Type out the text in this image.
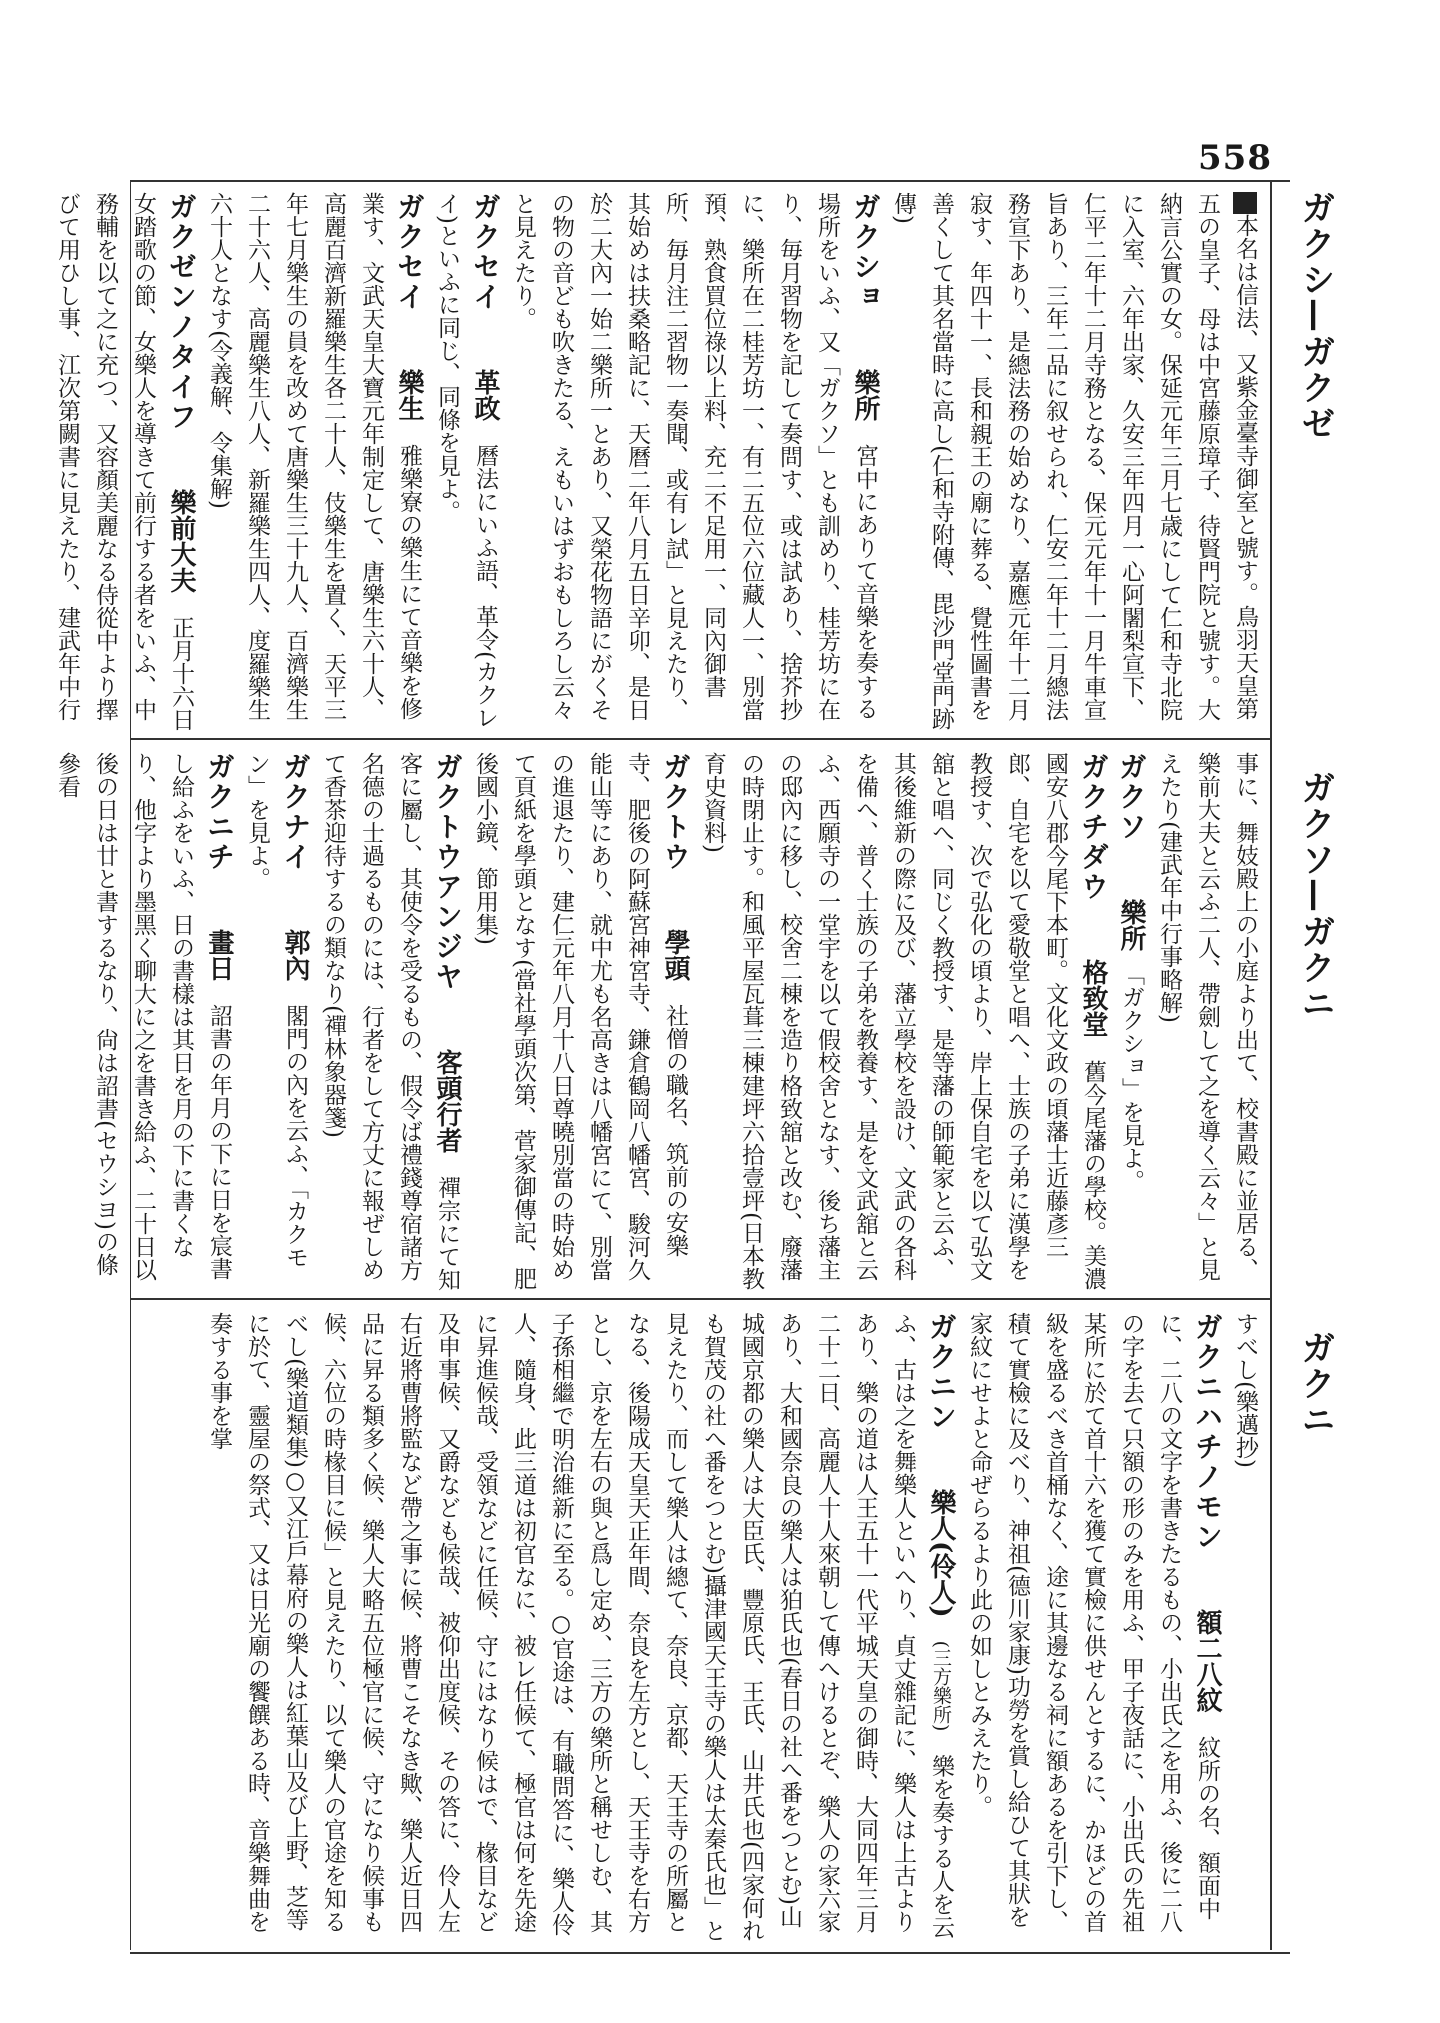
558
ガクシ—ガクゼ
ガクソ—ガクニ
ガクニ

　本名は信法、又紫金臺寺御室と號す。鳥羽天皇第五の皇子、母は中宮藤原璋子、待賢門院と號す。大納言公實の女。保延元年三月七歳にして仁和寺北院に入室、六年出家、久安三年四月一心阿闍梨宣下、仁平二年十二月寺務となる、保元元年十一月牛車宣旨あり、三年二品に叙せられ、仁安二年十二月總法務宣下あり、是總法務の始めなり、嘉應元年十二月寂す、年四十一、長和親王の廟に葬る、覺性圖書を善くして其名當時に高し(仁和寺附傳、毘沙門堂門跡傳)

ガクショ　樂所　宮中にありて音樂を奏する場所をいふ、又「ガクソ」とも訓めり、桂芳坊に在り、毎月習物を記して奏問す、或は試あり、捨芥抄に、樂所在二桂芳坊一、有二五位六位藏人一、別當預、熟食買位祿以上料、充二不足用一、同內御書所、毎月注二習物一奏聞、或有レ試」と見えたり、其始めは扶桑略記に、天曆二年八月五日辛卯、是日於二大內一始二樂所一とあり、又榮花物語にがくその物の音ども吹きたる、えもいはずおもしろし云々と見えたり。

ガクセイ　革政　曆法にいふ語、革令(カクレイ)といふに同じ、同條を見よ。

ガクセイ　樂生　雅樂寮の樂生にて音樂を修業す、文武天皇大寶元年制定して、唐樂生六十人、高麗百濟新羅樂生各二十人、伎樂生を置く、天平三年七月樂生の員を改めて唐樂生三十九人、百濟樂生二十六人、高麗樂生八人、新羅樂生四人、度羅樂生六十人となす(令義解、令集解)

ガクゼンノタイフ　樂前大夫　正月十六日女踏歌の節、女樂人を導きて前行する者をいふ、中務輔を以て之に充つ、又容顏美麗なる侍從中より擇びて用ひし事、江次第闕書に見えたり、建武年中行

事に、舞妓殿上の小庭より出て、校書殿に並居る、樂前大夫と云ふ二人、帶劍して之を導く云々」と見えたり(建武年中行事略解)

ガクソ　樂所　「ガクショ」を見よ。

ガクチダウ　格致堂　舊今尾藩の學校。美濃國安八郡今尾下本町。文化文政の頃藩士近藤彥三郎、自宅を以て愛敬堂と唱へ、士族の子弟に漢學を教授す、次で弘化の頃より、岸上保自宅を以て弘文舘と唱へ、同じく教授す、是等藩の師範家と云ふ、其後維新の際に及び、藩立學校を設け、文武の各科を備へ、普く士族の子弟を教養す、是を文武舘と云ふ、西願寺の一堂宇を以て假校舍となす、後ち藩主の邸內に移し、校舍二棟を造り格致舘と改む、廢藩の時閉止す。和風平屋瓦葺三棟建坪六拾壹坪(日本教育史資料)

ガクトウ　學頭　社僧の職名、筑前の安樂寺、肥後の阿蘇宮神宮寺、鎌倉鶴岡八幡宮、駿河久能山等にあり、就中尤も名高きは八幡宮にて、別當の進退たり、建仁元年八月十八日尊曉別當の時始めて頁紙を學頭となす(當社學頭次第、菅家御傳記、肥後國小鏡、節用集)

ガクトウアンジヤ　客頭行者　禪宗にて知客に屬し、其使令を受るもの、假令ば禮錢尊宿諸方名德の士過るものには、行者をして方丈に報ぜしめて香茶迎待するの類なり(禪林象器箋)

ガクナイ　郭內　閣門の內を云ふ、「カクモン」を見よ。

ガクニチ　畫日　詔書の年月の下に日を宸書し給ふをいふ、日の書樣は其日を月の下に書くなり、他字より墨黑く聊大に之を書き給ふ、二十日以後の日は廿と書するなり、尙は詔書(セウシヨ)の條參看

すべし(樂邁抄)

ガクニハチノモン　額二八紋　紋所の名、額面中に、二八の文字を書きたるもの、小出氏之を用ふ、後に二八の字を去て只額の形のみを用ふ、甲子夜話に、小出氏の先祖某所に於て首十六を獲て實檢に供せんとするに、かほどの首級を盛るべき首桶なく、途に其邊なる祠に額あるを引下し、積て實檢に及べり、神祖(德川家康)功勞を賞し給ひて其狀を家紋にせよと命ぜらるより此の如しとみえたり。

ガクニン　樂人(伶人)　(三方樂所)　樂を奏する人を云ふ、古は之を舞樂人といへり、貞丈雜記に、樂人は上古よりあり、樂の道は人王五十一代平城天皇の御時、大同四年三月二十二日、高麗人十人來朝して傳へけるとぞ、樂人の家六家あり、大和國奈良の樂人は狛氏也(春日の社へ番をつとむ)山城國京都の樂人は大臣氏、豐原氏、王氏、山井氏也(四家何れも賀茂の社へ番をつとむ)攝津國天王寺の樂人は太秦氏也」と見えたり、而して樂人は總て、奈良、京都、天王寺の所屬となる、後陽成天皇天正年間、奈良を左方とし、天王寺を右方とし、京を左右の與と爲し定め、三方の樂所と稱せしむ、其子孫相繼で明治維新に至る。○官途は、有職問答に、樂人伶人、隨身、此三道は初官なに、被レ任候て、極官は何を先途に昇進候哉、受領などに任候、守にはなり候はで、椽目など及申事候、又爵なども候哉、被仰出度候、その答に、伶人左右近將曹將監など帶之事に候、將曹こそなき歟、樂人近日四品に昇る類多く候、樂人大略五位極官に候、守になり候事も候、六位の時椽目に候」と見えたり、以て樂人の官途を知るべし(樂道類集)○又江戶幕府の樂人は紅葉山及び上野、芝等に於て、靈屋の祭式、又は日光廟の饗饌ある時、音樂舞曲を奏する事を掌
